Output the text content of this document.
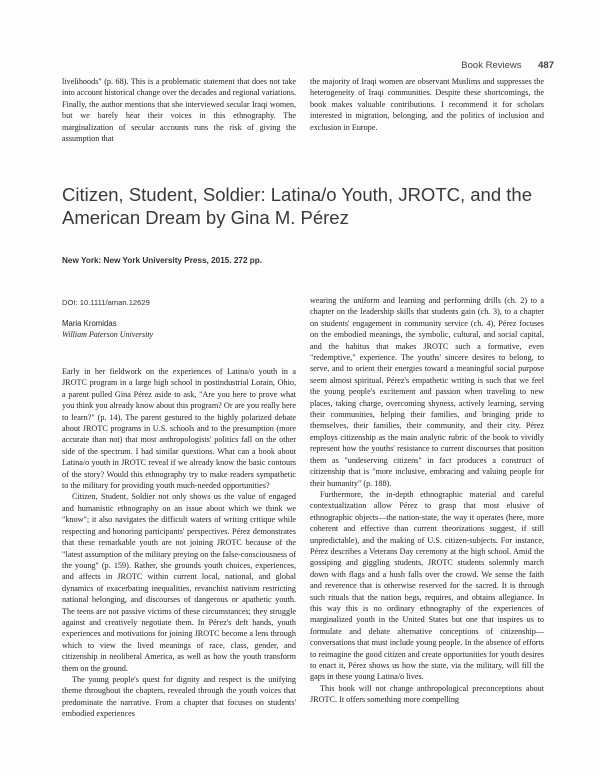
Book Reviews 487

livelihoods" (p. 68). This is a problematic statement that does not take into account historical change over the decades and regional variations. Finally, the author mentions that she interviewed secular Iraqi women, but we barely hear their voices in this ethnography. The marginalization of secular accounts runs the risk of giving the assumption that

the majority of Iraqi women are observant Muslims and suppresses the heterogeneity of Iraqi communities. Despite these shortcomings, the book makes valuable contributions. I recommend it for scholars interested in migration, belonging, and the politics of inclusion and exclusion in Europe.

Citizen, Student, Soldier: Latina/o Youth, JROTC, and the American Dream by Gina M. Pérez
New York: New York University Press, 2015. 272 pp.
DOI: 10.1111/aman.12629
Maria Kromidas
William Paterson University

Early in her fieldwork on the experiences of Latina/o youth in a JROTC program in a large high school in postindustrial Lorain, Ohio, a parent pulled Gina Pérez aside to ask, "Are you here to prove what you think you already know about this program? Or are you really here to learn?" (p. 14). The parent gestured to the highly polarized debate about JROTC programs in U.S. schools and to the presumption (more accurate than not) that most anthropologists' politics fall on the other side of the spectrum. I had similar questions. What can a book about Latina/o youth in JROTC reveal if we already know the basic contours of the story? Would this ethnography try to make readers sympathetic to the military for providing youth much-needed opportunities?

Citizen, Student, Soldier not only shows us the value of engaged and humanistic ethnography on an issue about which we think we "know"; it also navigates the difficult waters of writing critique while respecting and honoring participants' perspectives. Pérez demonstrates that these remarkable youth are not joining JROTC because of the "latest assumption of the military preying on the false-consciousness of the young" (p. 159). Rather, she grounds youth choices, experiences, and affects in JROTC within current local, national, and global dynamics of exacerbating inequalities, revanchist nativism restricting national belonging, and discourses of dangerous or apathetic youth. The teens are not passive victims of these circumstances; they struggle against and creatively negotiate them. In Pérez's deft hands, youth experiences and motivations for joining JROTC become a lens through which to view the lived meanings of race, class, gender, and citizenship in neoliberal America, as well as how the youth transform them on the ground.

The young people's quest for dignity and respect is the unifying theme throughout the chapters, revealed through the youth voices that predominate the narrative. From a chapter that focuses on students' embodied experiences

wearing the uniform and learning and performing drills (ch. 2) to a chapter on the leadership skills that students gain (ch. 3), to a chapter on students' engagement in community service (ch. 4), Pérez focuses on the embodied meanings, the symbolic, cultural, and social capital, and the habitus that makes JROTC such a formative, even "redemptive," experience. The youths' sincere desires to belong, to serve, and to orient their energies toward a meaningful social purpose seem almost spiritual. Pérez's empathetic writing is such that we feel the young people's excitement and passion when traveling to new places, taking charge, overcoming shyness, actively learning, serving their communities, helping their families, and bringing pride to themselves, their families, their community, and their city. Pérez employs citizenship as the main analytic rubric of the book to vividly represent how the youths' resistance to current discourses that position them as "undeserving citizens" in fact produces a construct of citizenship that is "more inclusive, embracing and valuing people for their humanity" (p. 188).

Furthermore, the in-depth ethnographic material and careful contextualization allow Pérez to grasp that most elusive of ethnographic objects—the nation-state, the way it operates (here, more coherent and effective than current theorizations suggest, if still unpredictable), and the making of U.S. citizen-subjects. For instance, Pérez describes a Veterans Day ceremony at the high school. Amid the gossiping and giggling students, JROTC students solemnly march down with flags and a hush falls over the crowd. We sense the faith and reverence that is otherwise reserved for the sacred. It is through such rituals that the nation begs, requires, and obtains allegiance. In this way this is no ordinary ethnography of the experiences of marginalized youth in the United States but one that inspires us to formulate and debate alternative conceptions of citizenship—conversations that must include young people. In the absence of efforts to reimagine the good citizen and create opportunities for youth desires to enact it, Pérez shows us how the state, via the military, will fill the gaps in these young Latina/o lives.

This book will not change anthropological preconceptions about JROTC. It offers something more compelling
